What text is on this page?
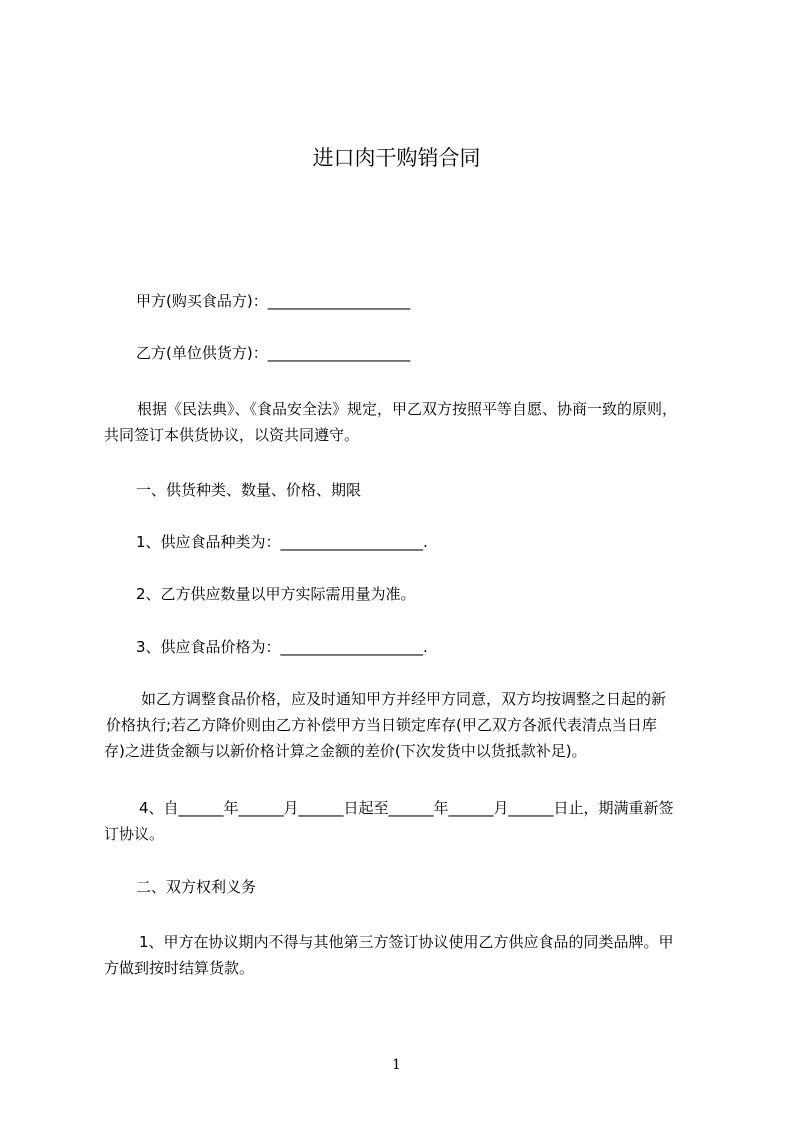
进口肉干购销合同
甲方(购买食品方)：___________________
乙方(单位供货方)：___________________
根据《民法典》、《食品安全法》规定，甲乙双方按照平等自愿、协商一致的原则，
共同签订本供货协议，以资共同遵守。
一、供货种类、数量、价格、期限
1、供应食品种类为：___________________.
2、乙方供应数量以甲方实际需用量为准。
3、供应食品价格为：___________________.
如乙方调整食品价格，应及时通知甲方并经甲方同意，双方均按调整之日起的新
价格执行;若乙方降价则由乙方补偿甲方当日锁定库存(甲乙双方各派代表清点当日库
存)之进货金额与以新价格计算之金额的差价(下次发货中以货抵款补足)。
4、自______年______月______日起至______年______月______日止，期满重新签
订协议。
二、双方权利义务
1、甲方在协议期内不得与其他第三方签订协议使用乙方供应食品的同类品牌。甲
方做到按时结算货款。
1
